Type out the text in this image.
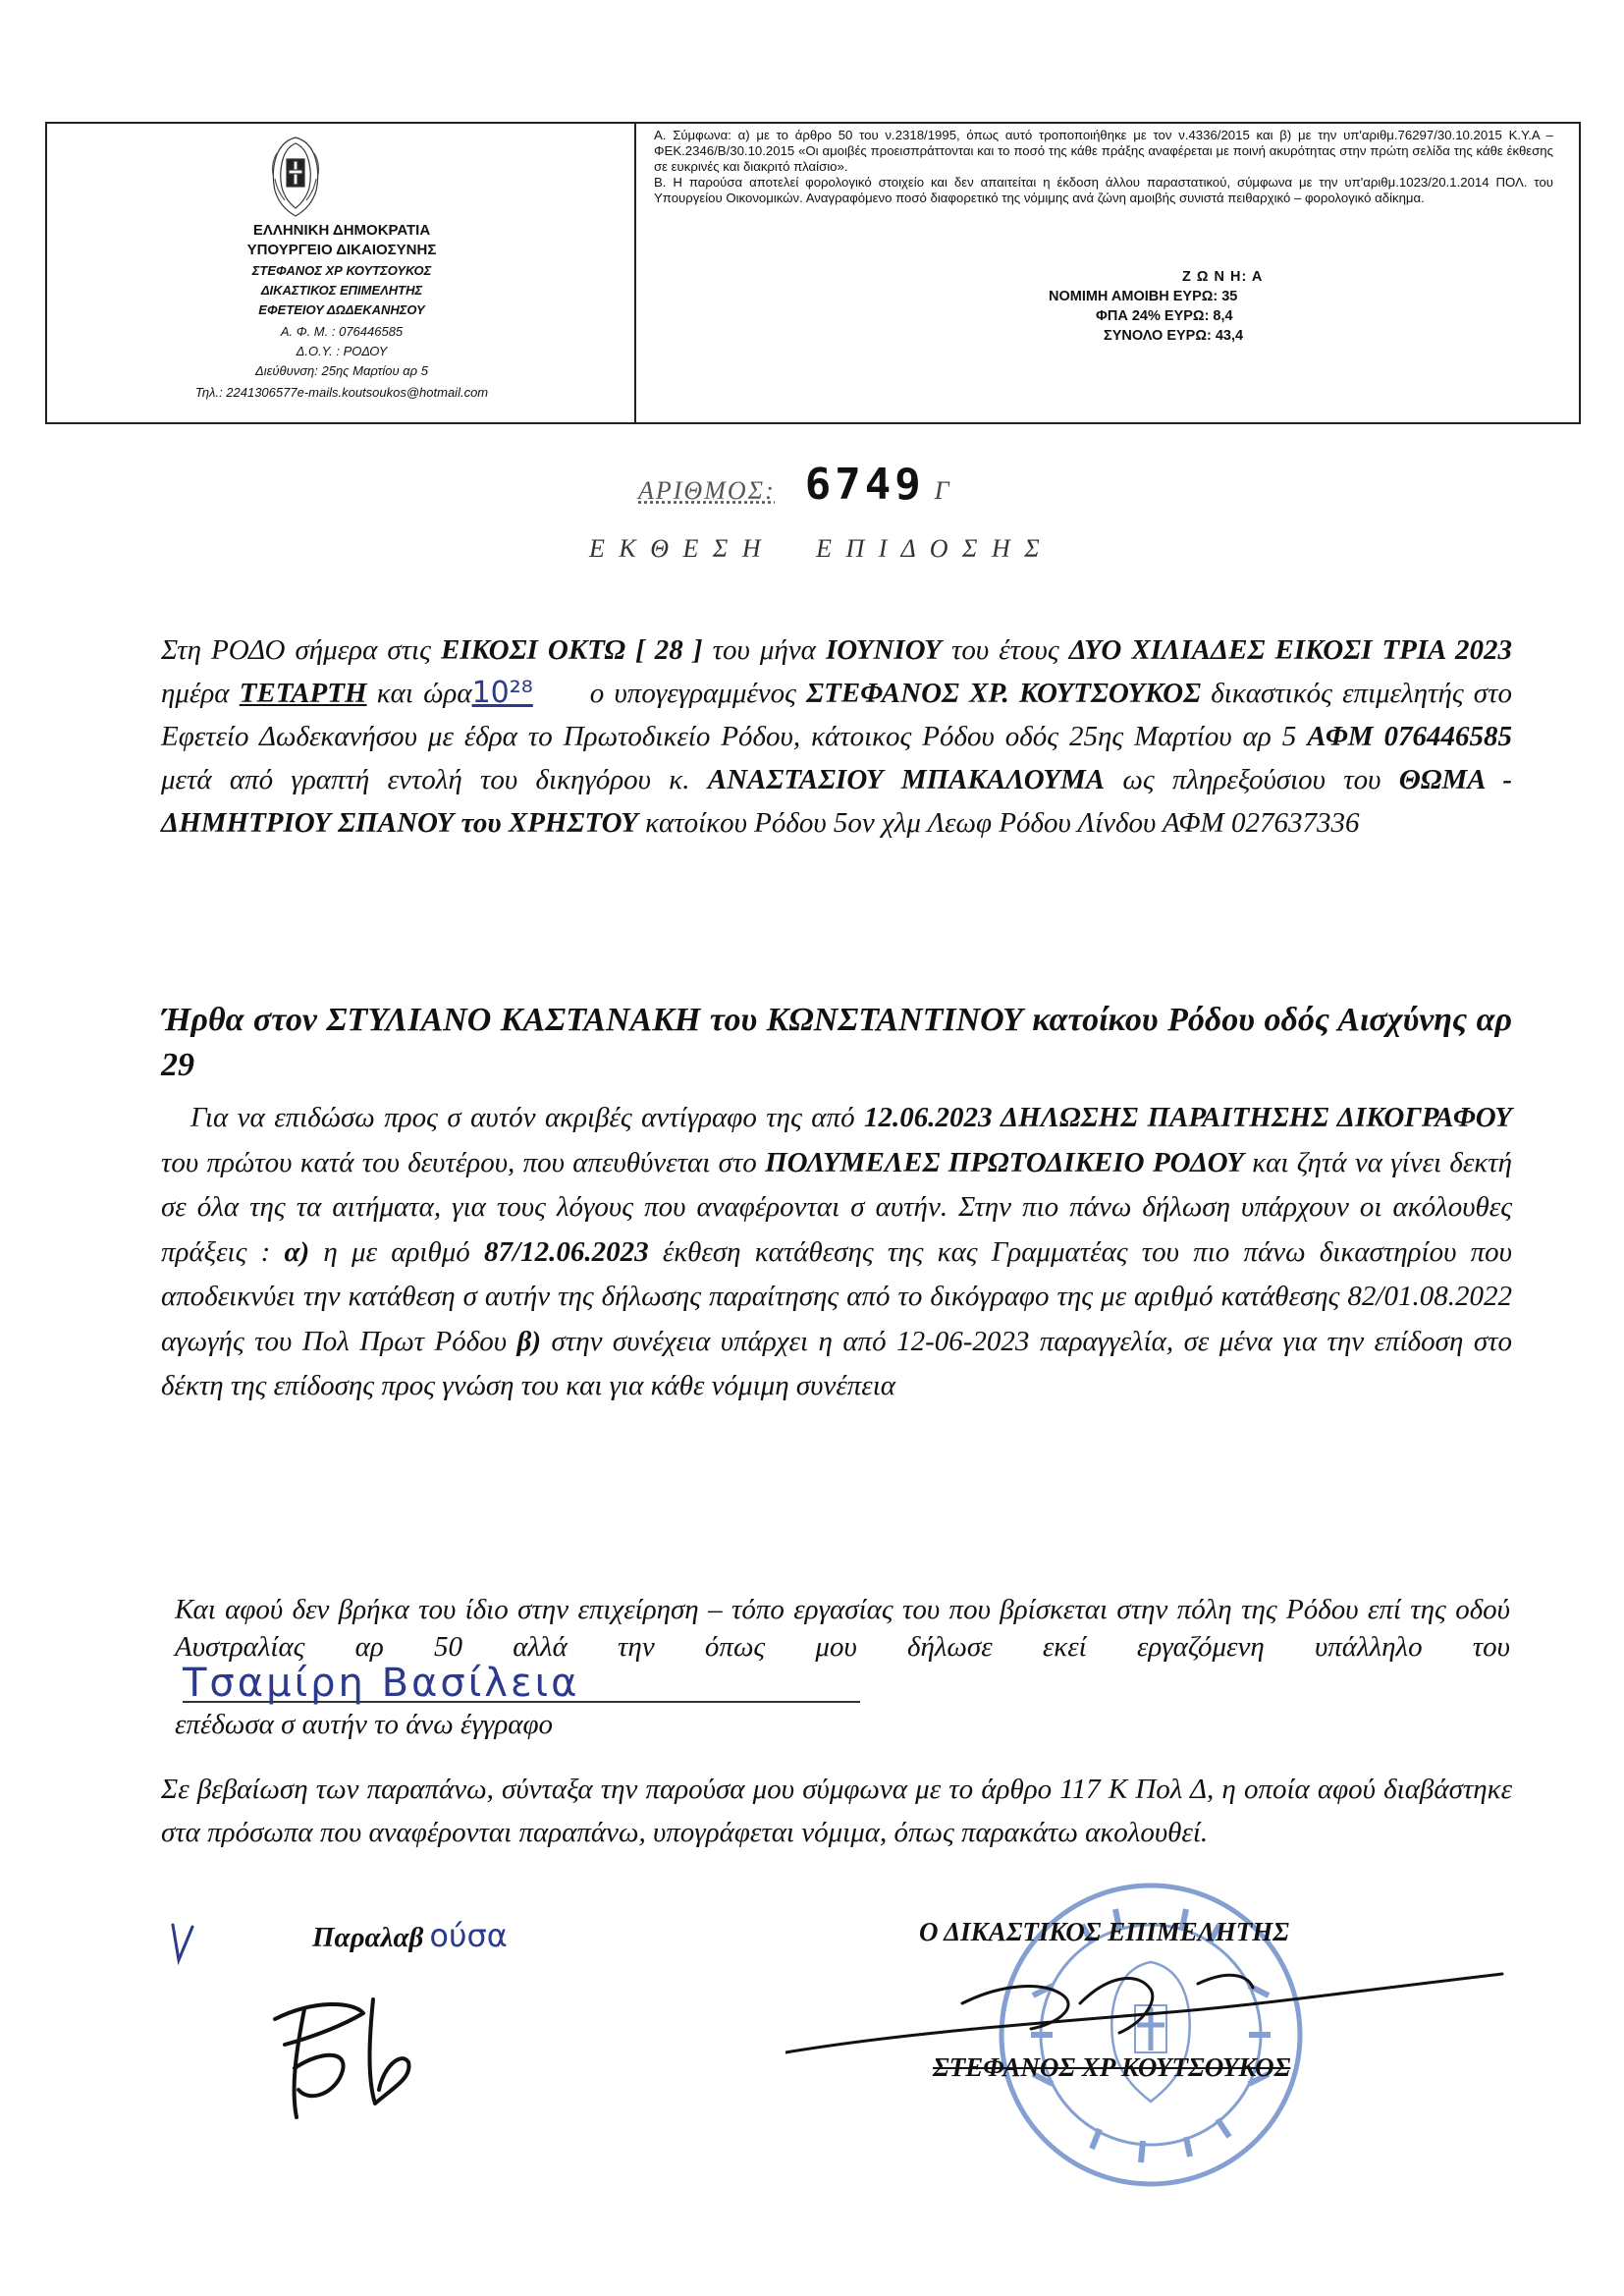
ΕΛΛΗΝΙΚΗ ΔΗΜΟΚΡΑΤΙΑ

ΥΠΟΥΡΓΕΙΟ ΔΙΚΑΙΟΣΥΝΗΣ

ΣΤΕΦΑΝΟΣ ΧΡ ΚΟΥΤΣΟΥΚΟΣ

ΔΙΚΑΣΤΙΚΟΣ ΕΠΙΜΕΛΗΤΗΣ

ΕΦΕΤΕΙΟΥ ΔΩΔΕΚΑΝΗΣΟΥ

Α. Φ. Μ. : 076446585

Δ.Ο.Υ. : ΡΟΔΟΥ

Διεύθυνση: 25ης Μαρτίου αρ 5

Τηλ.: 2241306577e-mails.koutsoukos@hotmail.com

Α. Σύμφωνα: α) με το άρθρο 50 του ν.2318/1995, όπως αυτό τροποποιήθηκε με τον ν.4336/2015 και β) με την υπ'αριθμ.76297/30.10.2015 Κ.Υ.Α – ΦΕΚ.2346/Β/30.10.2015 «Οι αμοιβές προεισπράττονται και το ποσό της κάθε πράξης αναφέρεται με ποινή ακυρότητας στην πρώτη σελίδα της κάθε έκθεσης σε ευκρινές και διακριτό πλαίσιο».

Β. Η παρούσα αποτελεί φορολογικό στοιχείο και δεν απαιτείται η έκδοση άλλου παραστατικού, σύμφωνα με την υπ'αριθμ.1023/20.1.2014 ΠΟΛ. του Υπουργείου Οικονομικών. Αναγραφόμενο ποσό διαφορετικό της νόμιμης ανά ζώνη αμοιβής συνιστά πειθαρχικό – φορολογικό αδίκημα.

Ζ Ω Ν Η: Α
ΝΟΜΙΜΗ ΑΜΟΙΒΗ ΕΥΡΩ: 35
ΦΠΑ 24% ΕΥΡΩ: 8,4
ΣΥΝΟΛΟ ΕΥΡΩ: 43,4
ΑΡΙΘΜΟΣ: 6749 Γ
Ε Κ Θ Ε Σ Η     Ε Π Ι Δ Ο Σ Η Σ
Στη ΡΟΔΟ σήμερα στις ΕΙΚΟΣΙ ΟΚΤΩ [ 28 ] του μήνα ΙΟΥΝΙΟΥ του έτους ΔΥΟ ΧΙΛΙΑΔΕΣ ΕΙΚΟΣΙ ΤΡΙΑ 2023 ημέρα ΤΕΤΑΡΤΗ και ώρα10²⁸ ο υπογεγραμμένος ΣΤΕΦΑΝΟΣ ΧΡ. ΚΟΥΤΣΟΥΚΟΣ δικαστικός επιμελητής στο Εφετείο Δωδεκανήσου με έδρα το Πρωτοδικείο Ρόδου, κάτοικος Ρόδου οδός 25ης Μαρτίου αρ 5 ΑΦΜ 076446585 μετά από γραπτή εντολή του δικηγόρου κ. ΑΝΑΣΤΑΣΙΟΥ ΜΠΑΚΑΛΟΥΜΑ ως πληρεξούσιου του ΘΩΜΑ - ΔΗΜΗΤΡΙΟΥ ΣΠΑΝΟΥ του ΧΡΗΣΤΟΥ κατοίκου Ρόδου 5ον χλμ Λεωφ Ρόδου Λίνδου ΑΦΜ 027637336
Ήρθα στον ΣΤΥΛΙΑΝΟ ΚΑΣΤΑΝΑΚΗ του ΚΩΝΣΤΑΝΤΙΝΟΥ κατοίκου Ρόδου οδός Αισχύνης αρ 29
Για να επιδώσω προς σ αυτόν ακριβές αντίγραφο της από 12.06.2023 ΔΗΛΩΣΗΣ ΠΑΡΑΙΤΗΣΗΣ ΔΙΚΟΓΡΑΦΟΥ του πρώτου κατά του δευτέρου, που απευθύνεται στο ΠΟΛΥΜΕΛΕΣ ΠΡΩΤΟΔΙΚΕΙΟ ΡΟΔΟΥ και ζητά να γίνει δεκτή σε όλα της τα αιτήματα, για τους λόγους που αναφέρονται σ αυτήν. Στην πιο πάνω δήλωση υπάρχουν οι ακόλουθες πράξεις : α) η με αριθμό 87/12.06.2023 έκθεση κατάθεσης της κας Γραμματέας του πιο πάνω δικαστηρίου που αποδεικνύει την κατάθεση σ αυτήν της δήλωσης παραίτησης από το δικόγραφο της με αριθμό κατάθεσης 82/01.08.2022 αγωγής του Πολ Πρωτ Ρόδου β) στην συνέχεια υπάρχει η από 12-06-2023 παραγγελία, σε μένα για την επίδοση στο δέκτη της επίδοσης προς γνώση του και για κάθε νόμιμη συνέπεια
Και αφού δεν βρήκα του ίδιο στην επιχείρηση – τόπο εργασίας του που βρίσκεται στην πόλη της Ρόδου επί της οδού Αυστραλίας αρ 50 αλλά την όπως μου δήλωσε εκεί εργαζόμενη υπάλληλο τουΤσαμίρη Βασίλεια
επέδωσα σ αυτήν το άνω έγγραφο
Σε βεβαίωση των παραπάνω, σύνταξα την παρούσα μου σύμφωνα με το άρθρο 117 Κ Πολ Δ, η οποία αφού διαβάστηκε στα πρόσωπα που αναφέρονται παραπάνω, υπογράφεται νόμιμα, όπως παρακάτω ακολουθεί.
Παραλαβ ούσα	Ο ΔΙΚΑΣΤΙΚΟΣ ΕΠΙΜΕΛΗΤΗΣ
ΣΤΕΦΑΝΟΣ ΧΡ ΚΟΥΤΣΟΥΚΟΣ
